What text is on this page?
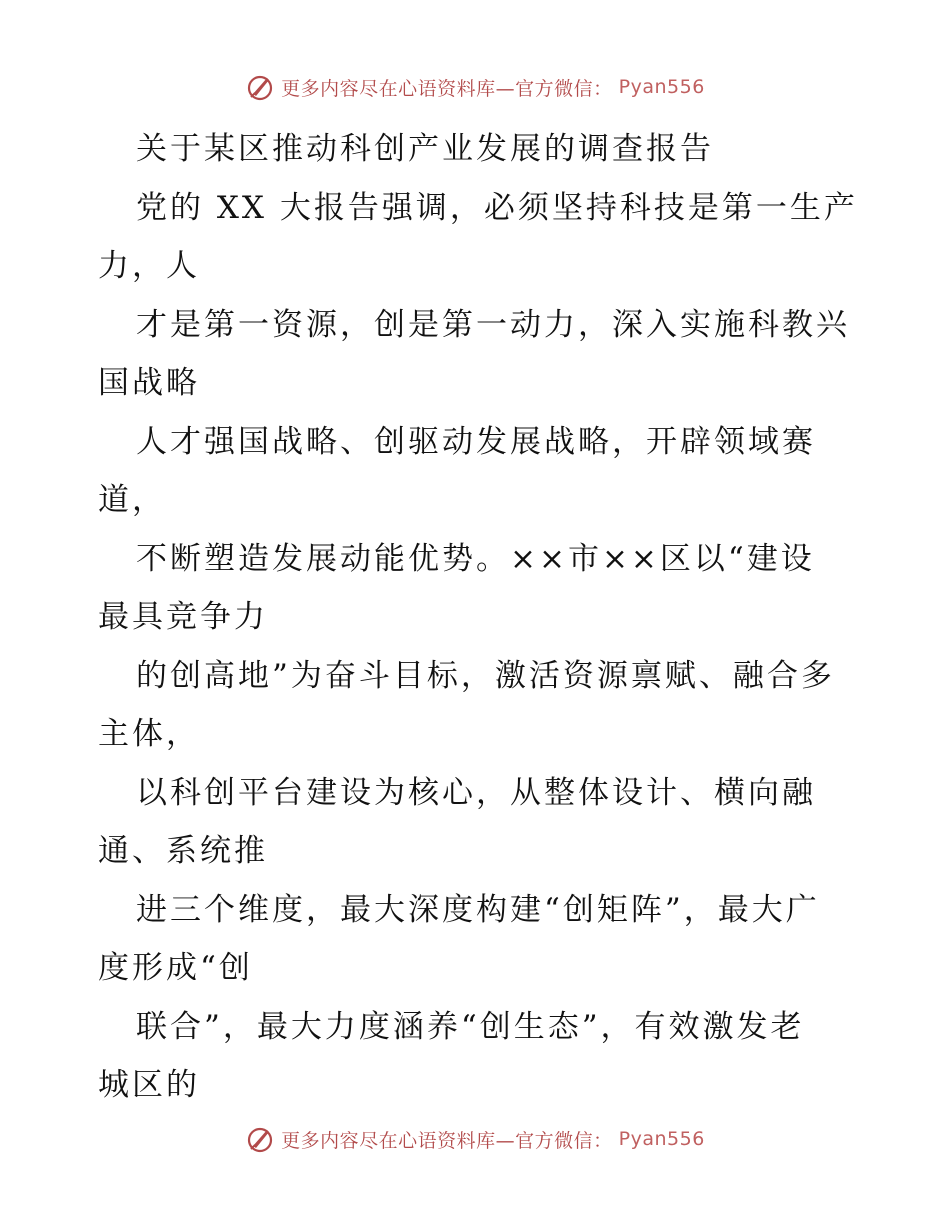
更多内容尽在心语资料库—官方微信： Pyan556
关于某区推动科创产业发展的调查报告
党的 XX 大报告强调，必须坚持科技是第一生产
力，人
才是第一资源，创是第一动力，深入实施科教兴
国战略
人才强国战略、创驱动发展战略，开辟领域赛
道，
不断塑造发展动能优势。××市××区以“建设
最具竞争力
的创高地”为奋斗目标，激活资源禀赋、融合多
主体，
以科创平台建设为核心，从整体设计、横向融
通、系统推
进三个维度，最大深度构建“创矩阵”，最大广
度形成“创
联合”，最大力度涵养“创生态”，有效激发老
城区的
更多内容尽在心语资料库—官方微信： Pyan556
